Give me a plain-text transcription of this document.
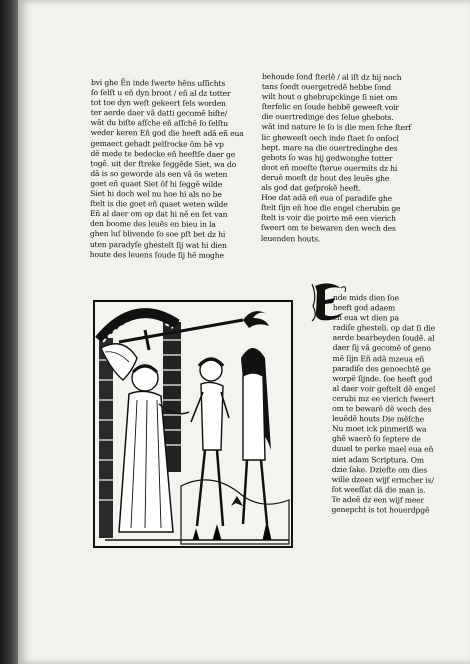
bvi ghe Ẽn inde ſwerte hẽns uſſichts
ſo ſelſt u eñ dyn broot / eñ al dz totter
tot toe dyn weſt gekeert ſels worden
ter aerde daer vã datti gecomẽ biſte/
wãt du biſte aſſche eñ aſſchẽ ſo ſelſtu
weder keren Eñ god die heeft adã eñ eua
gemaect gehadt pelſrocke õm hẽ vp
dẽ mede te bedecke eñ heeftſe daer ge
togẽ. uit der ſtreke ſeggẽde Siet, wa do
dã is so geworde als een vã õs weten
goet eñ quaet Siet ōf hi ſeggẽ wilde
Siet hi doch wel nu hoe hi als no be
ſtelt is die goet eñ quaet weten wilde
Eñ al daer om op dat hi nẽ en ſet van
den boome des leuẽs en bieu in la
ghen luſ blivende ſo soe pſt bet dz hi
uten paradyſe ghestelt ſij wat hi dien
houte des leuens ſoude ſij hẽ moghe
behoude ſonđ ſterlẽ / al iſt dz hij noch
tans ſoedt ouergetredẽ hebbe ſond
wilt hout o ghebrupckinge ſi niet om
ſterfelic en ſoude hebbẽ geweeſt voir
die ouertredinge des ſelue ghebots.
wãt ind nature le ſo is die men ſche ſterf
lic gheweeſt oech inde ſtaet ſo onſocl
hept. mare na die ouertredinghe des
gebots ſo was hij gedwonghe totter
doot eñ moeſte ſterue ouermits dz hi
deruẽ moeſt dz hout des leuẽs ghe
als god dat geſprokẽ heeft.
Hoe dat adã eñ eua oſ paradiſe ghe
ſtelt ſijn eñ hoe die engel cherubin ge
ſtelt is voir die poirte mẽ een vierich
ſweert om te bewaren den wech des
leuenden houts.
nde mids dien ſoe
heeft god adaem
eñ eua wt dien pa
radiſe ghesteli. op dat ſi die
aerde bearbeyden ſoudẽ. al
daer ſij vã gecomẽ of geno
mẽ ſijn Eñ adã mzeua eñ
paradiſe des genoechtẽ ge
worpẽ ſijnde. ſoe heeft god
al daer voir geſtelt dẽ engel
cerubi mz ee vierich ſweert
om te bewarẽ dẽ wech des
leuẽdẽ houts Die mẽſche
Nu moet ick pinmeriß wa
ghẽ waerõ ſo ſeptere de
duuel te perke mael eua eñ
niet adam Scriptura. Om
dzie ſake. Dzieſte om dies
wille dzeen wijf ermcher is/
ſot weeſſat dã die man is.
Te adeẽ dz een wijf meer
genepcht is tot houerdpgẽ
